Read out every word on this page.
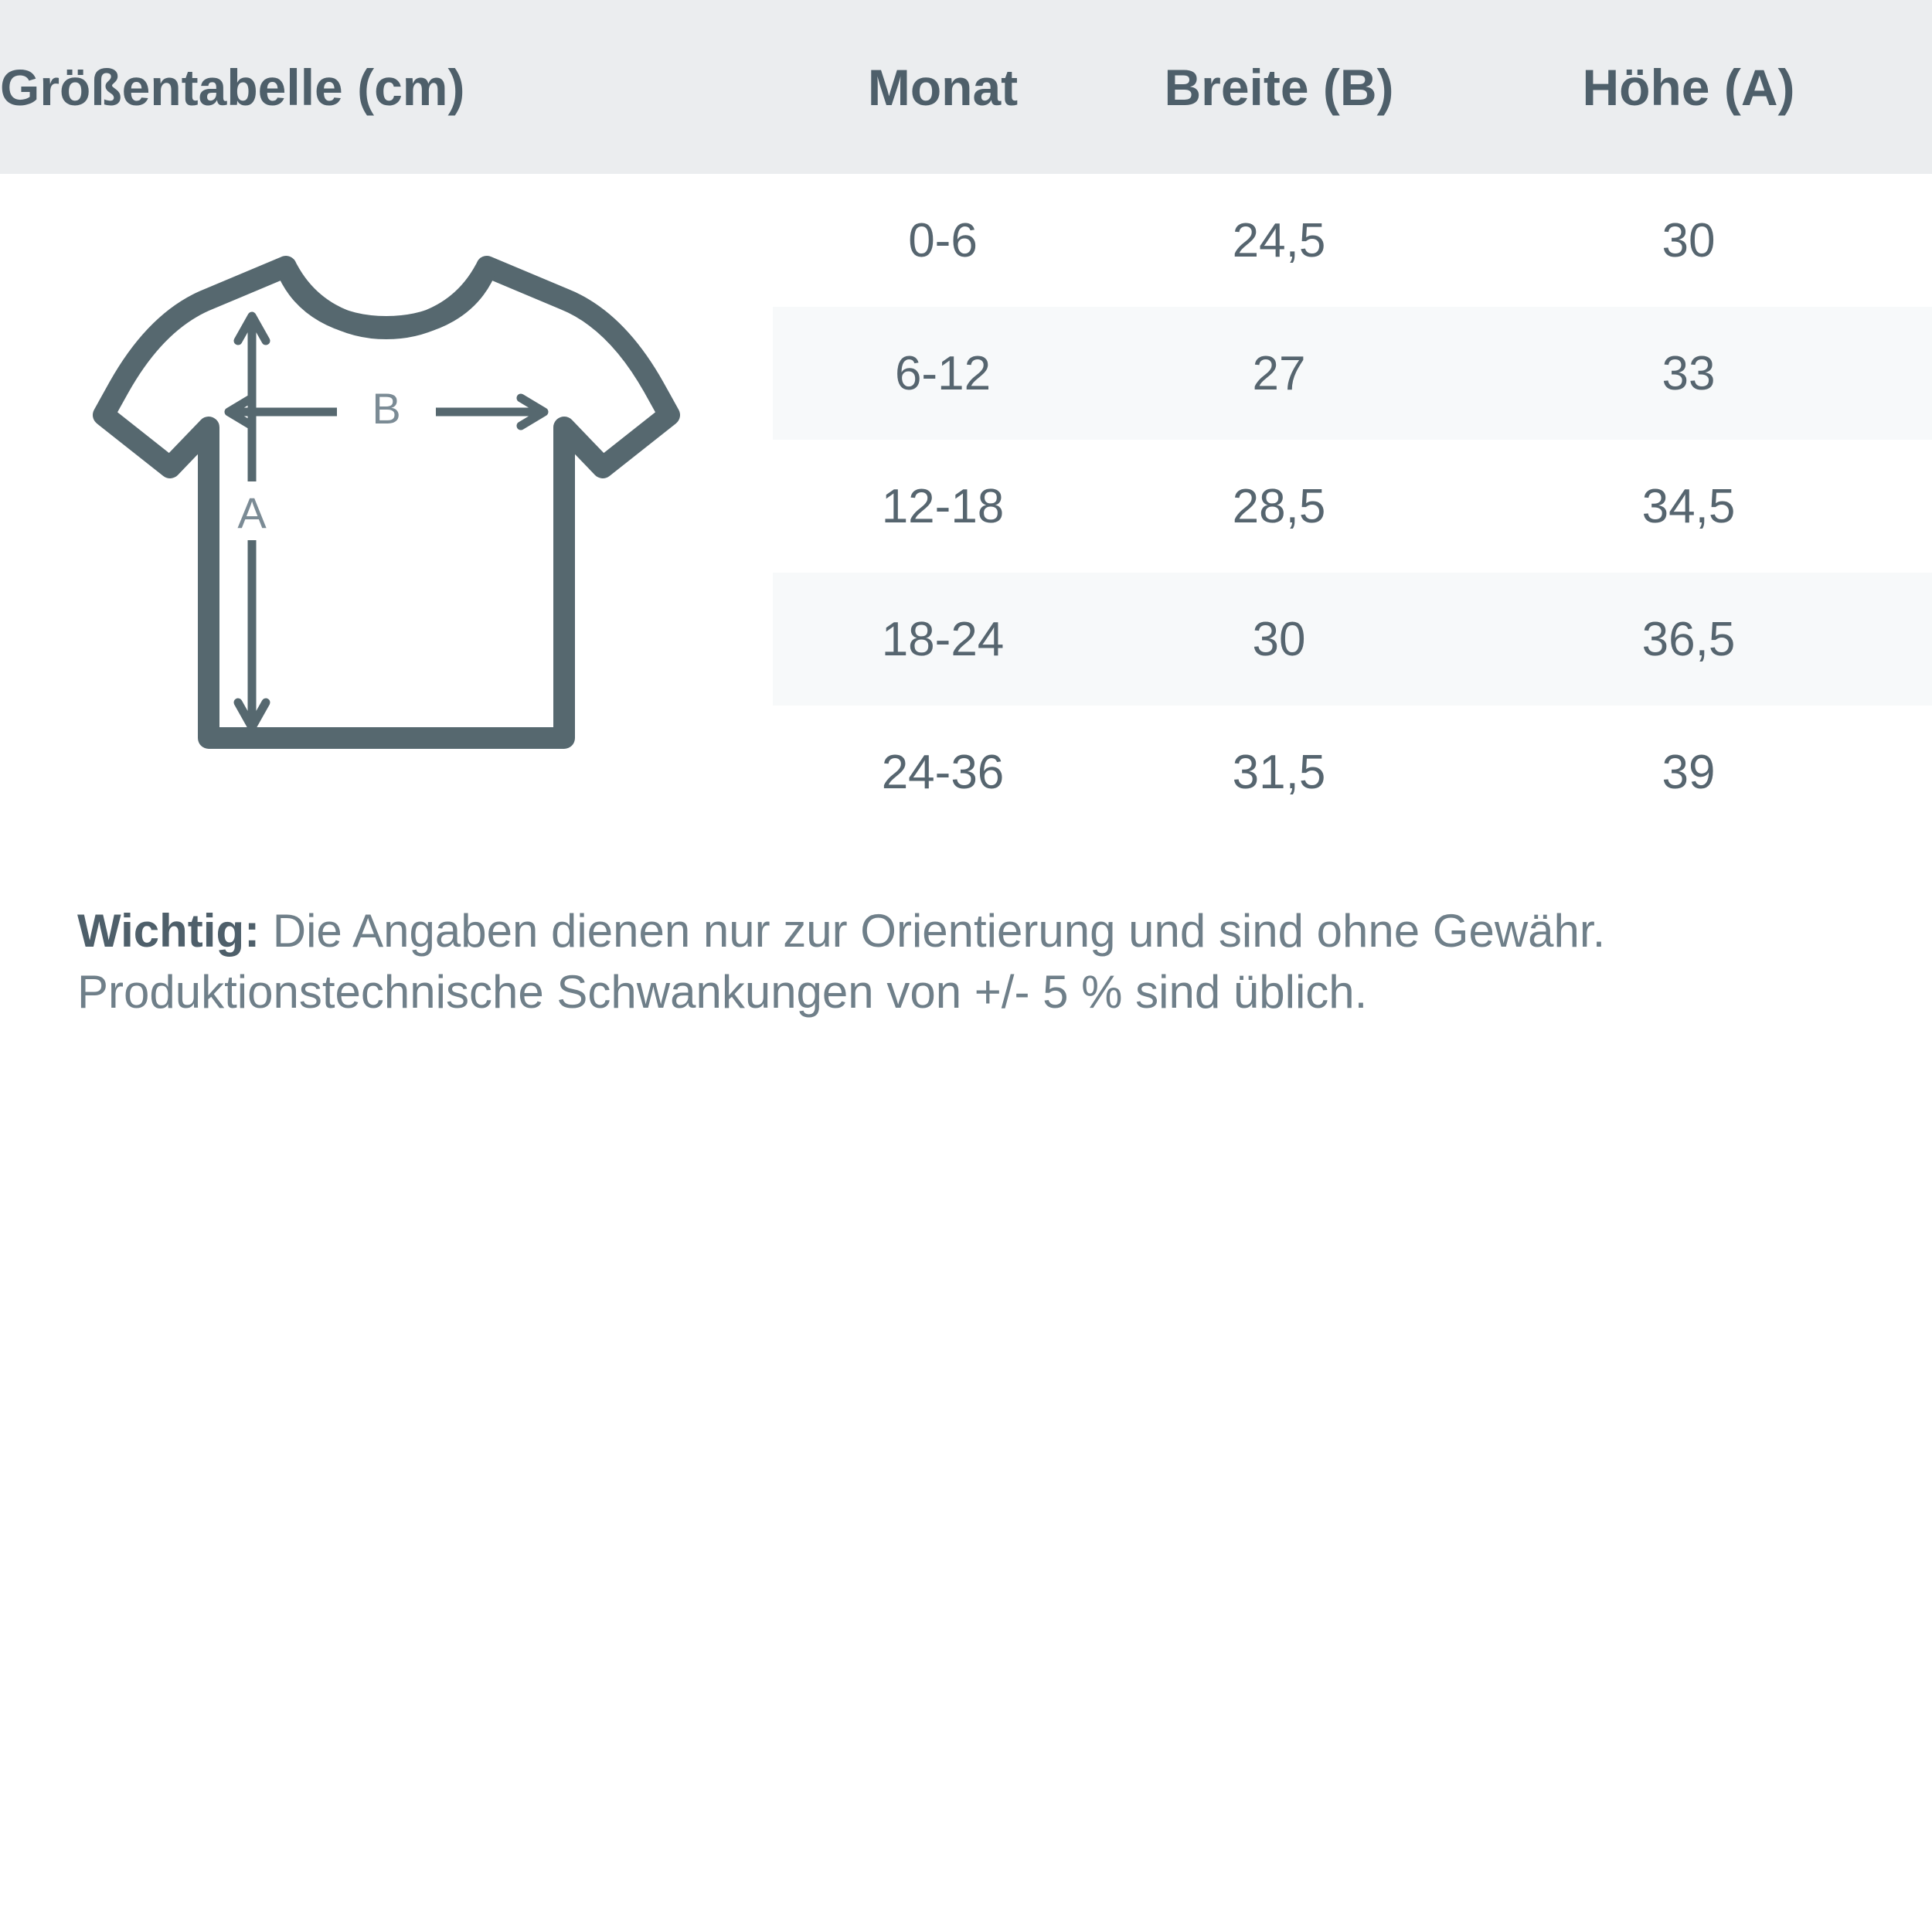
Größentabelle (cm)	Monat	Breite (B)	Höhe (A)

B
A	0-6	24,5	30
	6-12	27	33
	12-18	28,5	34,5
	18-24	30	36,5
	24-36	31,5	39

Wichtig: Die Angaben dienen nur zur Orientierung und sind ohne Gewähr. Produktionstechnische Schwankungen von +/- 5 % sind üblich.
